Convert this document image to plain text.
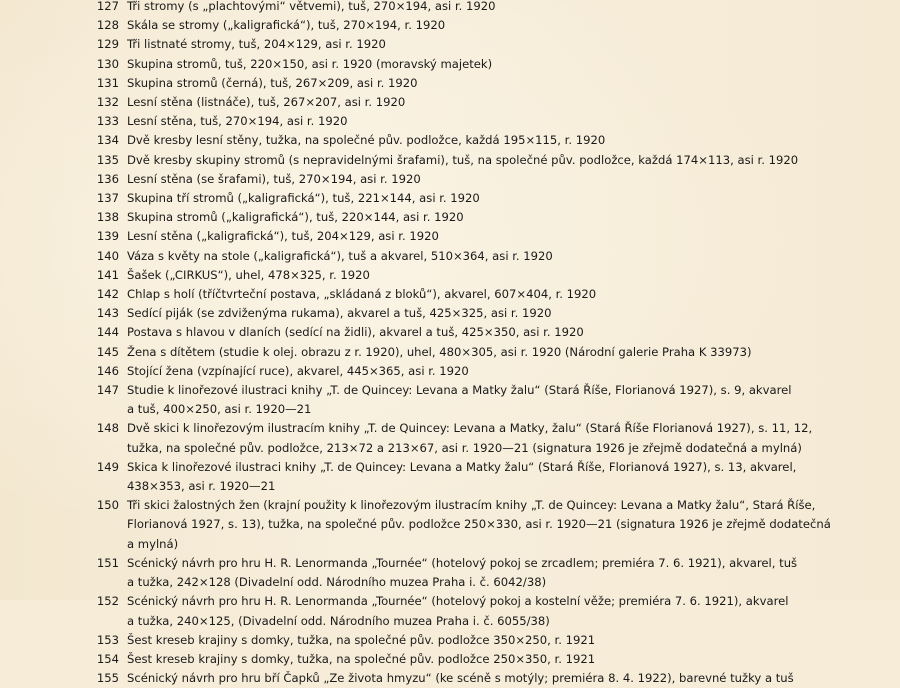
127 Tři stromy (s „plachtovými“ větvemi), tuš, 270×194, asi r. 1920
128 Skála se stromy („kaligrafická“), tuš, 270×194, r. 1920
129 Tři listnaté stromy, tuš, 204×129, asi r. 1920
130 Skupina stromů, tuš, 220×150, asi r. 1920 (moravský majetek)
131 Skupina stromů (černá), tuš, 267×209, asi r. 1920
132 Lesní stěna (listnáče), tuš, 267×207, asi r. 1920
133 Lesní stěna, tuš, 270×194, asi r. 1920
134 Dvě kresby lesní stěny, tužka, na společné pův. podložce, každá 195×115, r. 1920
135 Dvě kresby skupiny stromů (s nepravidelnými šrafami), tuš, na společné pův. podložce, každá 174×113, asi r. 1920
136 Lesní stěna (se šrafami), tuš, 270×194, asi r. 1920
137 Skupina tří stromů („kaligrafická“), tuš, 221×144, asi r. 1920
138 Skupina stromů („kaligrafická“), tuš, 220×144, asi r. 1920
139 Lesní stěna („kaligrafická“), tuš, 204×129, asi r. 1920
140 Váza s květy na stole („kaligrafická“), tuš a akvarel, 510×364, asi r. 1920
141 Šašek („CIRKUS“), uhel, 478×325, r. 1920
142 Chlap s holí (tříčtvrteční postava, „skládaná z bloků“), akvarel, 607×404, r. 1920
143 Sedící piják (se zdviženýma rukama), akvarel a tuš, 425×325, asi r. 1920
144 Postava s hlavou v dlaních (sedící na židli), akvarel a tuš, 425×350, asi r. 1920
145 Žena s dítětem (studie k olej. obrazu z r. 1920), uhel, 480×305, asi r. 1920 (Národní galerie Praha K 33973)
146 Stojící žena (vzpínající ruce), akvarel, 445×365, asi r. 1920
147 Studie k linořezové ilustraci knihy „T. de Quincey: Levana a Matky žalu“ (Stará Říše, Florianová 1927), s. 9, akvarel
a tuš, 400×250, asi r. 1920—21
148 Dvě skici k linořezovým ilustracím knihy „T. de Quincey: Levana a Matky, žalu“ (Stará Říše Florianová 1927), s. 11, 12,
tužka, na společné pův. podložce, 213×72 a 213×67, asi r. 1920—21 (signatura 1926 je zřejmě dodatečná a mylná)
149 Skica k linořezové ilustraci knihy „T. de Quincey: Levana a Matky žalu“ (Stará Říše, Florianová 1927), s. 13, akvarel,
438×353, asi r. 1920—21
150 Tři skici žalostných žen (krajní použity k linořezovým ilustracím knihy „T. de Quincey: Levana a Matky žalu“, Stará Říše,
Florianová 1927, s. 13), tužka, na společné pův. podložce 250×330, asi r. 1920—21 (signatura 1926 je zřejmě dodatečná
a mylná)
151 Scénický návrh pro hru H. R. Lenormanda „Tournée“ (hotelový pokoj se zrcadlem; premiéra 7. 6. 1921), akvarel, tuš
a tužka, 242×128 (Divadelní odd. Národního muzea Praha i. č. 6042/38)
152 Scénický návrh pro hru H. R. Lenormanda „Tournée“ (hotelový pokoj a kostelní věže; premiéra 7. 6. 1921), akvarel
a tužka, 240×125, (Divadelní odd. Národního muzea Praha i. č. 6055/38)
153 Šest kreseb krajiny s domky, tužka, na společné pův. podložce 350×250, r. 1921
154 Šest kreseb krajiny s domky, tužka, na společné pův. podložce 250×350, r. 1921
155 Scénický návrh pro hru bří Čapků „Ze života hmyzu“ (ke scéně s motýly; premiéra 8. 4. 1922), barevné tužky a tuš
